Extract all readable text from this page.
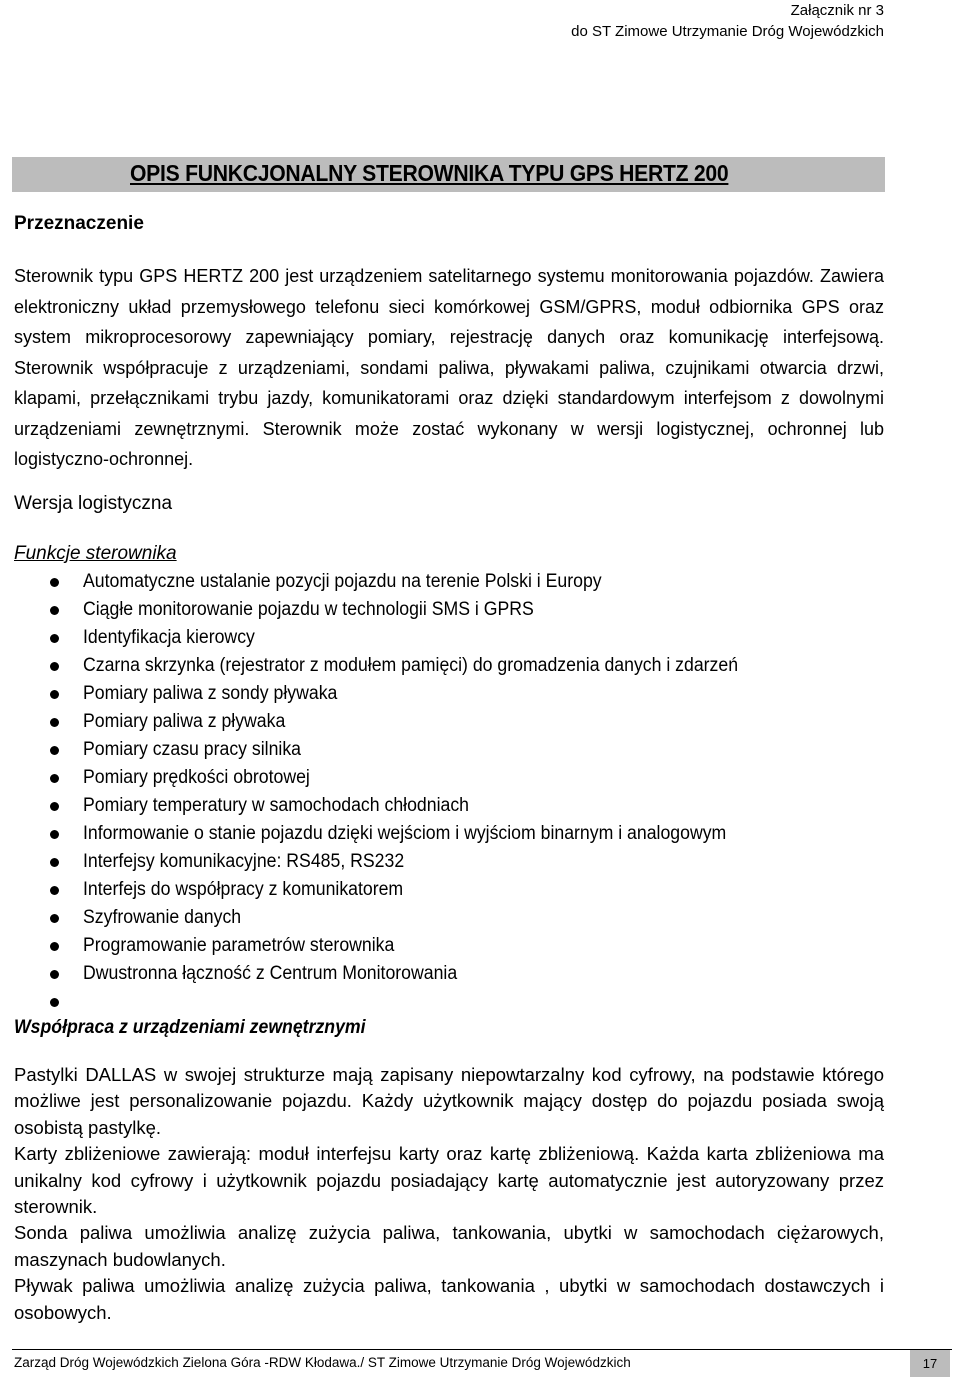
Załącznik nr 3
do ST Zimowe Utrzymanie Dróg Wojewódzkich
OPIS FUNKCJONALNY STEROWNIKA TYPU GPS HERTZ 200
Przeznaczenie
Sterownik typu GPS HERTZ 200 jest urządzeniem satelitarnego systemu monitorowania pojazdów. Zawiera elektroniczny układ przemysłowego telefonu sieci komórkowej GSM/GPRS, moduł odbiornika GPS oraz system mikroprocesorowy zapewniający pomiary, rejestrację danych oraz komunikację interfejsową. Sterownik współpracuje z urządzeniami, sondami paliwa, pływakami paliwa, czujnikami otwarcia drzwi, klapami, przełącznikami trybu jazdy, komunikatorami oraz dzięki standardowym interfejsom z dowolnymi urządzeniami zewnętrznymi. Sterownik może zostać wykonany w wersji logistycznej, ochronnej lub logistyczno-ochronnej.
Wersja logistyczna
Funkcje sterownika
Automatyczne ustalanie pozycji pojazdu na terenie Polski i Europy
Ciągłe monitorowanie pojazdu w technologii SMS i GPRS
Identyfikacja kierowcy
Czarna skrzynka (rejestrator z modułem pamięci) do gromadzenia danych i zdarzeń
Pomiary paliwa z sondy pływaka
Pomiary paliwa z pływaka
Pomiary czasu pracy silnika
Pomiary prędkości obrotowej
Pomiary temperatury w samochodach chłodniach
Informowanie o stanie pojazdu dzięki wejściom i wyjściom binarnym i analogowym
Interfejsy komunikacyjne: RS485, RS232
Interfejs do współpracy z komunikatorem
Szyfrowanie danych
Programowanie parametrów sterownika
Dwustronna łączność z Centrum Monitorowania
Współpraca z urządzeniami zewnętrznymi

Pastylki DALLAS w swojej strukturze mają zapisany niepowtarzalny kod cyfrowy, na podstawie którego możliwe jest personalizowanie pojazdu. Każdy użytkownik mający dostęp do pojazdu posiada swoją osobistą pastylkę.

Karty zbliżeniowe zawierają: moduł interfejsu karty oraz kartę zbliżeniową. Każda karta zbliżeniowa ma unikalny kod cyfrowy i użytkownik pojazdu posiadający kartę automatycznie jest autoryzowany przez sterownik.

Sonda paliwa umożliwia analizę zużycia paliwa, tankowania, ubytki w samochodach ciężarowych, maszynach budowlanych.

Pływak paliwa umożliwia analizę zużycia paliwa, tankowania , ubytki w samochodach dostawczych i osobowych.

Zarząd Dróg Wojewódzkich Zielona Góra -RDW Kłodawa./ ST Zimowe Utrzymanie Dróg Wojewódzkich	17
